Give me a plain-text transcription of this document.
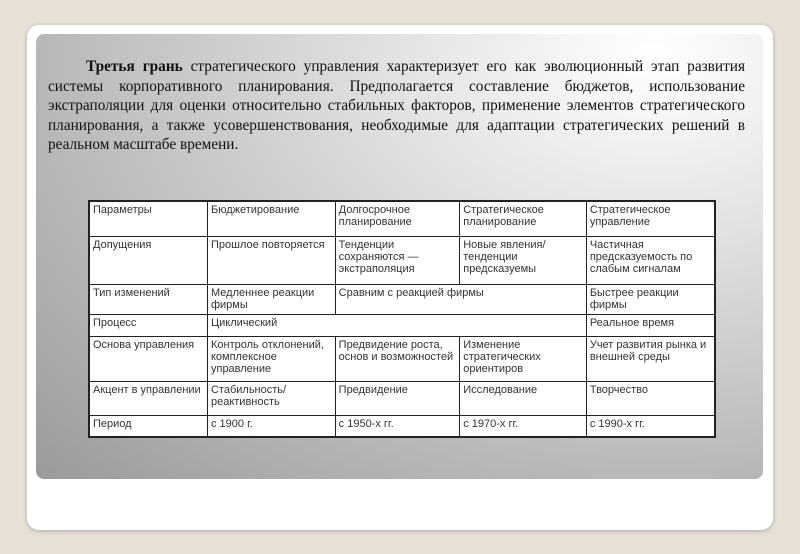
Третья грань стратегического управления характеризует его как эволюционный этап развития системы корпоративного планирования. Предполагается составление бюджетов, использование экстраполяции для оценки относительно стабильных факторов, применение элементов стратегического планирования, а также усовершенствования, необходимые для адаптации стратегических решений в реальном масштабе времени.

Параметры	Бюджетирование	Долгосрочное планирование	Стратегическое планирование	Стратегическое управление
Допущения	Прошлое повторяется	Тенденции сохраняются — экстраполяция	Новые явления/ тенденции предсказуемы	Частичная предсказуемость по слабым сигналам
Тип изменений	Медленнее реакции фирмы	Сравним с реакцией фирмы		Быстрее реакции фирмы
Процесс	Циклический			Реальное время
Основа управления	Контроль отклонений, комплексное управление	Предвидение роста, основ и возможностей	Изменение стратегических ориентиров	Учет развития рынка и внешней среды
Акцент в управлении	Стабильность/ реактивность	Предвидение	Исследование	Творчество
Период	с 1900 г.	с 1950-х гг.	с 1970-х гг.	с 1990-х гг.
